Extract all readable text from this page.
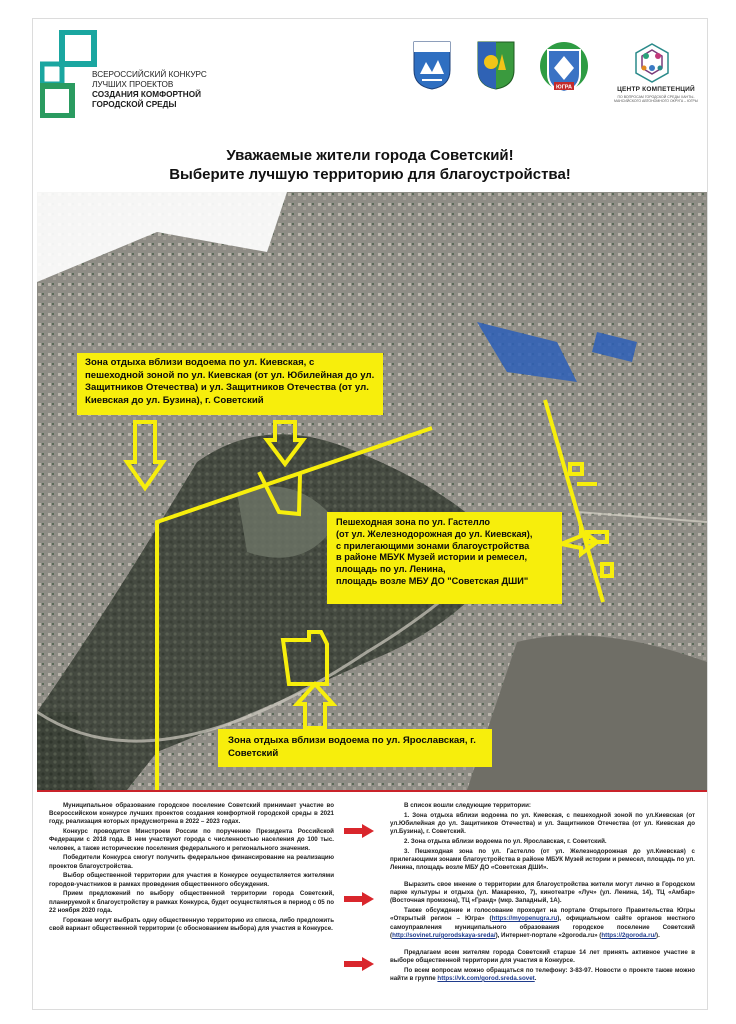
ВСЕРОССИЙСКИЙ КОНКУРС
ЛУЧШИХ ПРОЕКТОВ
СОЗДАНИЯ КОМФОРТНОЙ
ГОРОДСКОЙ СРЕДЫ
ЮГРА	ЦЕНТР КОМПЕТЕНЦИЙ
ПО ВОПРОСАМ ГОРОДСКОЙ СРЕДЫ ХАНТЫ-МАНСИЙСКОГО АВТОНОМНОГО ОКРУГА – ЮГРЫ
Уважаемые жители города Советский!
Выберите лучшую территорию для благоустройства!
Зона отдыха вблизи водоема по ул. Киевская, с пешеходной зоной по ул. Киевская (от ул. Юбилейная до ул. Защитников Отечества) и ул. Защитников Отечества (от ул. Киевская до ул. Бузина), г. Советский
Пешеходная зона по ул. Гастелло
(от ул. Железнодорожная до ул. Киевская),
с прилегающими зонами благоустройства
в районе МБУК Музей истории и ремесел,
площадь по ул. Ленина,
площадь возле МБУ ДО "Советская ДШИ"
Зона отдыха вблизи водоема по ул. Ярославская, г. Советский

Муниципальное образование городское поселение Советский принимает участие во Всероссийском конкурсе лучших проектов создания комфортной городской среды в 2021 году, реализация которых предусмотрена в 2022 – 2023 годах.

Конкурс проводится Минстроем России по поручению Президента Российской Федерации с 2018 года. В нем участвуют города с численностью населения до 100 тыс. человек, а также исторические поселения федерального и регионального значения.

Победители Конкурса смогут получить федеральное финансирование на реализацию проектов благоустройства.

Выбор общественной территории для участия в Конкурсе осуществляется жителями городов-участников в рамках проведения общественного обсуждения.

Прием предложений по выбору общественной территории города Советский, планируемой к благоустройству в рамках Конкурса, будет осуществляться в период с 05 по 22 ноября 2020 года.

Горожане могут выбрать одну общественную территорию из списка, либо предложить свой вариант общественной территории (с обоснованием выбора) для участия в Конкурсе.

В список вошли следующие территории:

1. Зона отдыха вблизи водоема по ул. Киевская, с пешеходной зоной по ул.Киевская (от ул.Юбилейная до ул. Защитников Отечества) и ул. Защитников Отечества (от ул. Киевская до ул.Бузина), г. Советский.

2. Зона отдыха вблизи водоема по ул. Ярославская, г. Советский.

3. Пешеходная зона по ул. Гастелло (от ул. Железнодорожная до ул.Киевская) с прилегающими зонами благоустройства в районе МБУК Музей истории и ремесел, площадь по ул. Ленина, площадь возле МБУ ДО «Советская ДШИ».

Выразить свое мнение о территории для благоустройства жители могут лично в Городском парке культуры и отдыха (ул. Макаренко, 7), кинотеатре «Луч» (ул. Ленина, 14), ТЦ «Амбар» (Восточная промзона), ТЦ «Гранд» (мкр. Западный, 1А).

Также обсуждение и голосование проходит на портале Открытого Правительства Югры «Открытый регион – Югра» (https://myopenugra.ru), официальном сайте органов местного самоуправления муниципального образования городское поселение Советский (http://sovinet.ru/gorodskaya-sreda/), Интернет-портале «2goroda.ru» (https://2goroda.ru/).

Предлагаем всем жителям города Советский старше 14 лет принять активное участие в выборе общественной территории для участия в Конкурсе.

По всем вопросам можно обращаться по телефону: 3-83-97. Новости о проекте также можно найти в группе https://vk.com/gorod.sreda.sovet.
